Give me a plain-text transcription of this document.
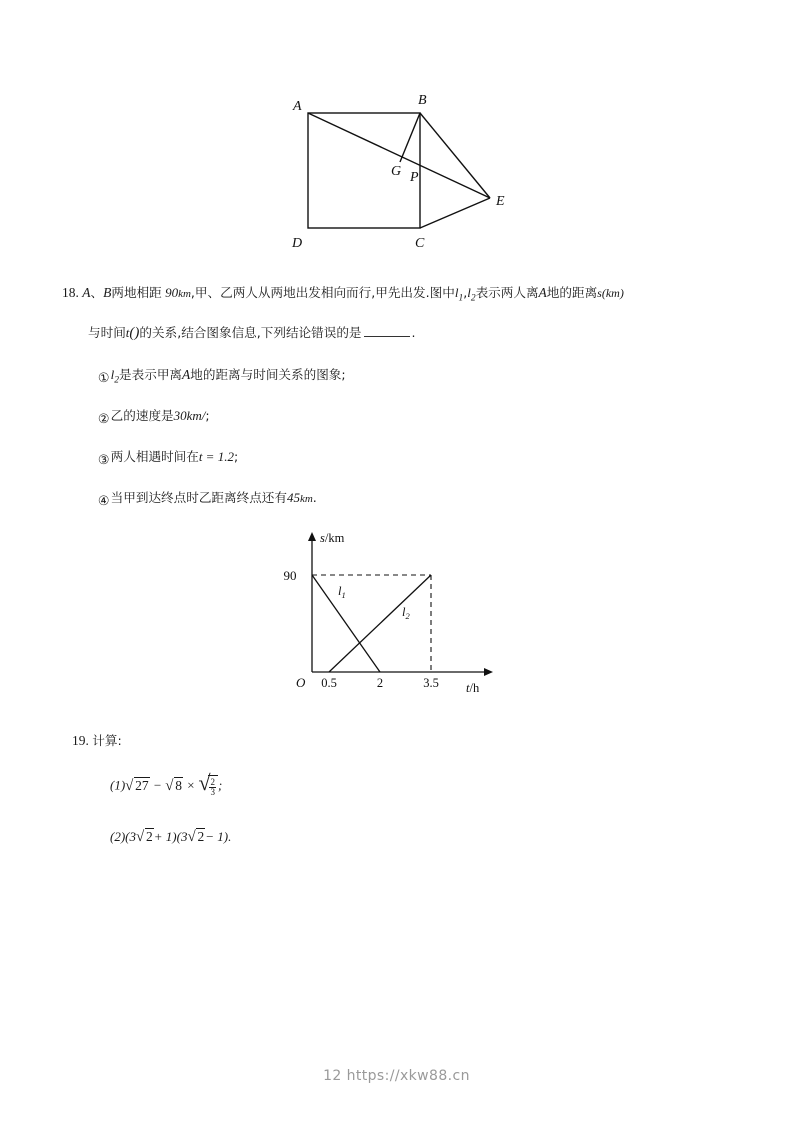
A	B
D	C
E
G P
18. A、B两地相距 90km,甲、乙两人从两地出发相向而行,甲先出发.图中$l_1,l_2$表示两人离A地的距离s(km)
与时间t()的关系,结合图象信息,下列结论错误的是	.
$①l_2$是表示甲离A地的距离与时间关系的图象;
②乙的速度是30km/;
③两人相遇时间在t = 1.2;
④当甲到达终点时乙距离终点还有45km.
s/km
t/h
O
90
0.5	2	3.5
$l_1$
$l_2$
19. 计算:
(1) √ 27 − √ 8 × √ $\frac{2}{3}$ ;
(2)(3 √ 2+ 1)(3 √ 2− 1).
12 https://xkw88.cn
